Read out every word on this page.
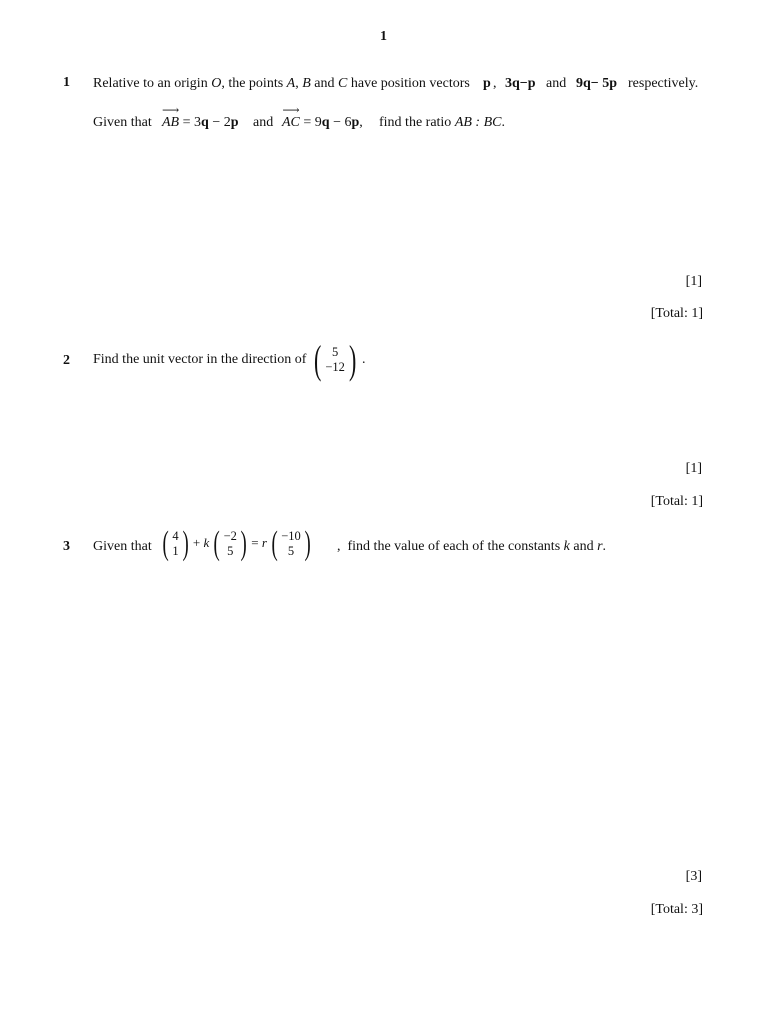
1
1 Relative to an origin O, the points A, B and C have position vectors p , 3q−p and 9q− 5p respectively.
Given that
⟶
AB = 3q − 2p and
⟶
AC = 9q − 6p, find the ratio AB : BC.
[1]
[Total: 1]
2 Find the unit vector in the direction of ( 5
−12 ) .
[1]
[Total: 1]
3 Given that ( 4
1 ) + k ( −2
5 ) = r ( −10
5 ) , find the value of each of the constants k and r.
[3]
[Total: 3]
